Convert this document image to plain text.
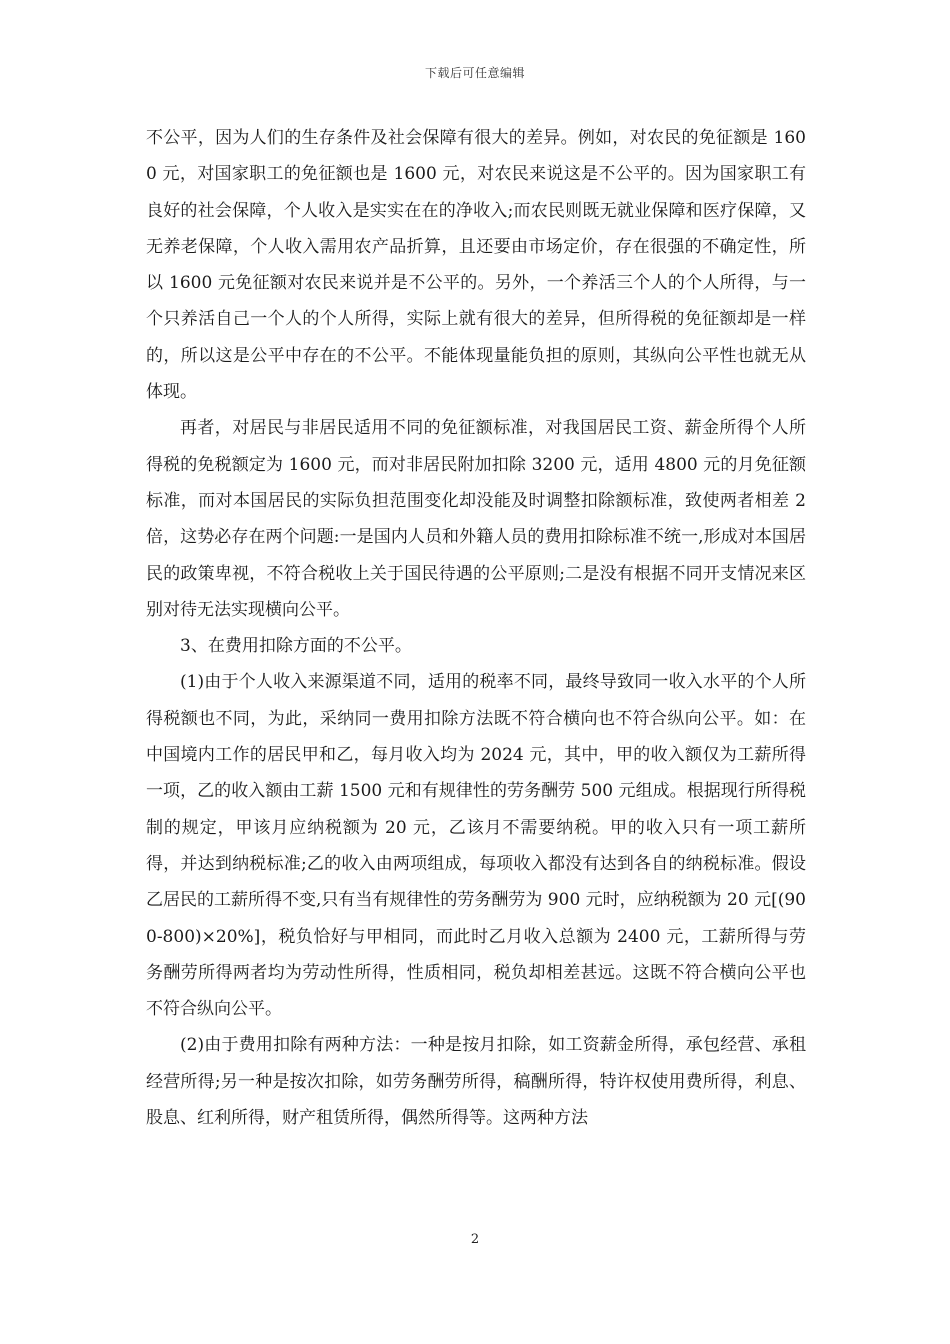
下载后可任意编辑

不公平，因为人们的生存条件及社会保障有很大的差异。例如，对农民的免征额是 1600 元，对国家职工的免征额也是 1600 元，对农民来说这是不公平的。因为国家职工有良好的社会保障，个人收入是实实在在的净收入;而农民则既无就业保障和医疗保障，又无养老保障，个人收入需用农产品折算，且还要由市场定价，存在很强的不确定性，所以 1600 元免征额对农民来说并是不公平的。另外，一个养活三个人的个人所得，与一个只养活自己一个人的个人所得，实际上就有很大的差异，但所得税的免征额却是一样的，所以这是公平中存在的不公平。不能体现量能负担的原则，其纵向公平性也就无从体现。

再者，对居民与非居民适用不同的免征额标准，对我国居民工资、薪金所得个人所得税的免税额定为 1600 元，而对非居民附加扣除 3200 元，适用 4800 元的月免征额标准，而对本国居民的实际负担范围变化却没能及时调整扣除额标准，致使两者相差 2 倍，这势必存在两个问题:一是国内人员和外籍人员的费用扣除标准不统一,形成对本国居民的政策卑视，不符合税收上关于国民待遇的公平原则;二是没有根据不同开支情况来区别对待无法实现横向公平。

3、在费用扣除方面的不公平。

(1)由于个人收入来源渠道不同，适用的税率不同，最终导致同一收入水平的个人所得税额也不同，为此，采纳同一费用扣除方法既不符合横向也不符合纵向公平。如：在中国境内工作的居民甲和乙，每月收入均为 2024 元，其中，甲的收入额仅为工薪所得一项，乙的收入额由工薪 1500 元和有规律性的劳务酬劳 500 元组成。根据现行所得税制的规定，甲该月应纳税额为 20 元，乙该月不需要纳税。甲的收入只有一项工薪所得，并达到纳税标准;乙的收入由两项组成，每项收入都没有达到各自的纳税标准。假设乙居民的工薪所得不变,只有当有规律性的劳务酬劳为 900 元时，应纳税额为 20 元[(900-800)×20%]，税负恰好与甲相同，而此时乙月收入总额为 2400 元，工薪所得与劳务酬劳所得两者均为劳动性所得，性质相同，税负却相差甚远。这既不符合横向公平也不符合纵向公平。

(2)由于费用扣除有两种方法：一种是按月扣除，如工资薪金所得，承包经营、承租经营所得;另一种是按次扣除，如劳务酬劳所得，稿酬所得，特许权使用费所得，利息、股息、红利所得，财产租赁所得，偶然所得等。这两种方法

2
